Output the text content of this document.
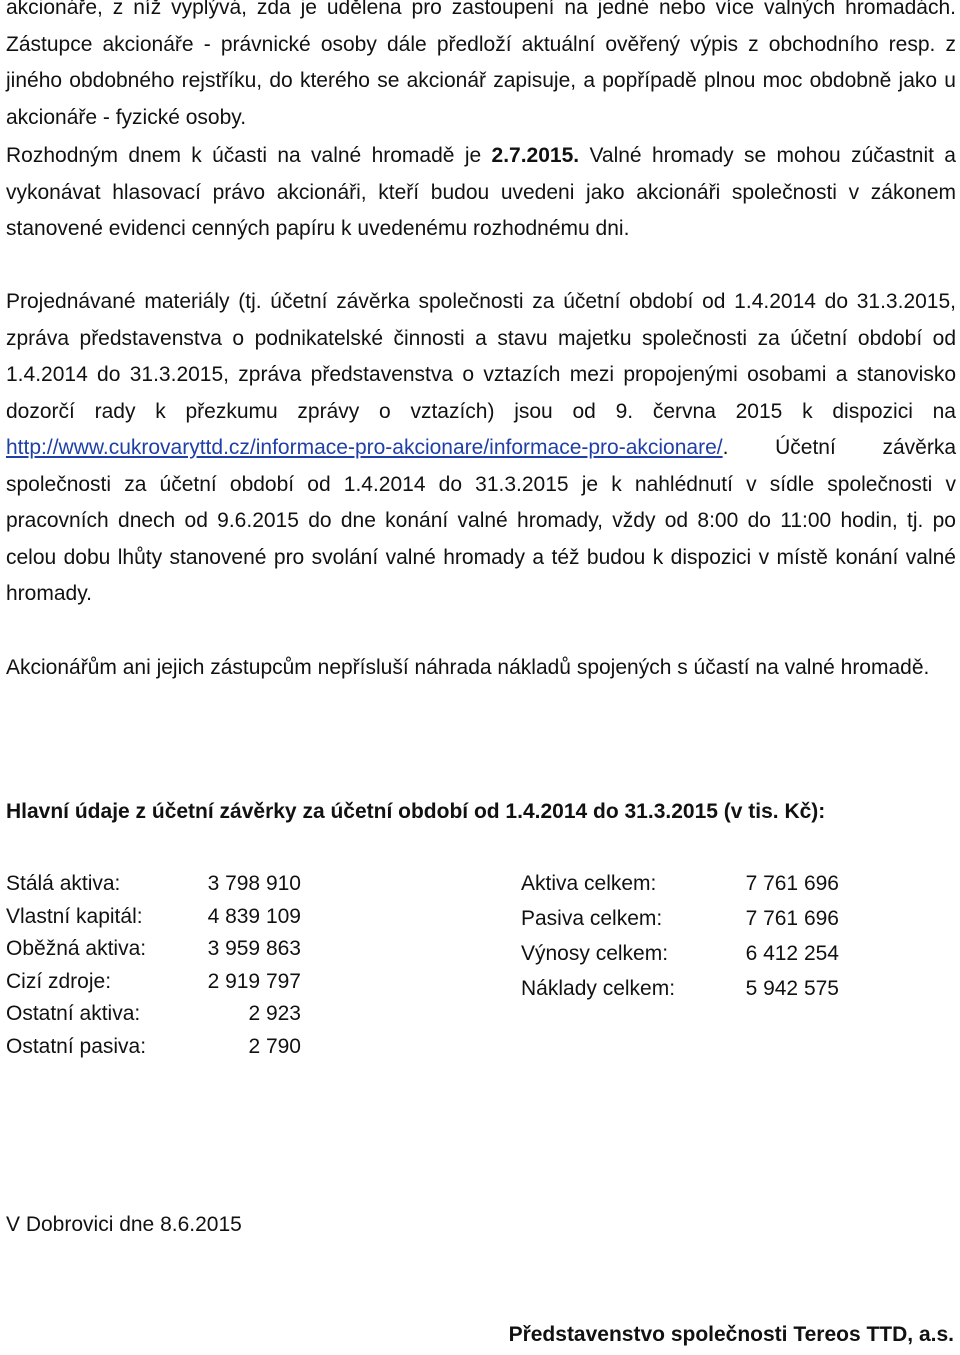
akcionáře, z níž vyplývá, zda je udělena pro zastoupení na jedné nebo více valných hromadách. Zástupce akcionáře - právnické osoby dále předloží aktuální ověřený výpis z obchodního resp. z jiného obdobného rejstříku, do kterého se akcionář zapisuje, a popřípadě plnou moc obdobně jako u akcionáře - fyzické osoby.

Rozhodným dnem k účasti na valné hromadě je 2.7.2015. Valné hromady se mohou zúčastnit a vykonávat hlasovací právo akcionáři, kteří budou uvedeni jako akcionáři společnosti v zákonem stanovené evidenci cenných papíru k uvedenému rozhodnému dni.

Projednávané materiály (tj. účetní závěrka společnosti za účetní období od 1.4.2014 do 31.3.2015, zpráva představenstva o podnikatelské činnosti a stavu majetku společnosti za účetní období od 1.4.2014 do 31.3.2015, zpráva představenstva o vztazích mezi propojenými osobami a stanovisko dozorčí rady k přezkumu zprávy o vztazích) jsou od 9. června 2015 k dispozici na http://www.cukrovaryttd.cz/informace-pro-akcionare/informace-pro-akcionare/. Účetní závěrka společnosti za účetní období od 1.4.2014 do 31.3.2015 je k nahlédnutí v sídle společnosti v pracovních dnech od 9.6.2015 do dne konání valné hromady, vždy od 8:00 do 11:00 hodin, tj. po celou dobu lhůty stanovené pro svolání valné hromady a též budou k dispozici v místě konání valné hromady.

Akcionářům ani jejich zástupcům nepřísluší náhrada nákladů spojených s účastí na valné hromadě.

Hlavní údaje z účetní závěrky za účetní období od 1.4.2014 do 31.3.2015 (v tis. Kč):

Stálá aktiva:	3 798 910
Vlastní kapitál:	4 839 109
Oběžná aktiva:	3 959 863
Cizí zdroje:	2 919 797
Ostatní aktiva:	2 923
Ostatní pasiva:	2 790
Aktiva celkem:	7 761 696
Pasiva celkem:	7 761 696
Výnosy celkem:	6 412 254
Náklady celkem:	5 942 575
V Dobrovici dne 8.6.2015
Představenstvo společnosti Tereos TTD, a.s.
